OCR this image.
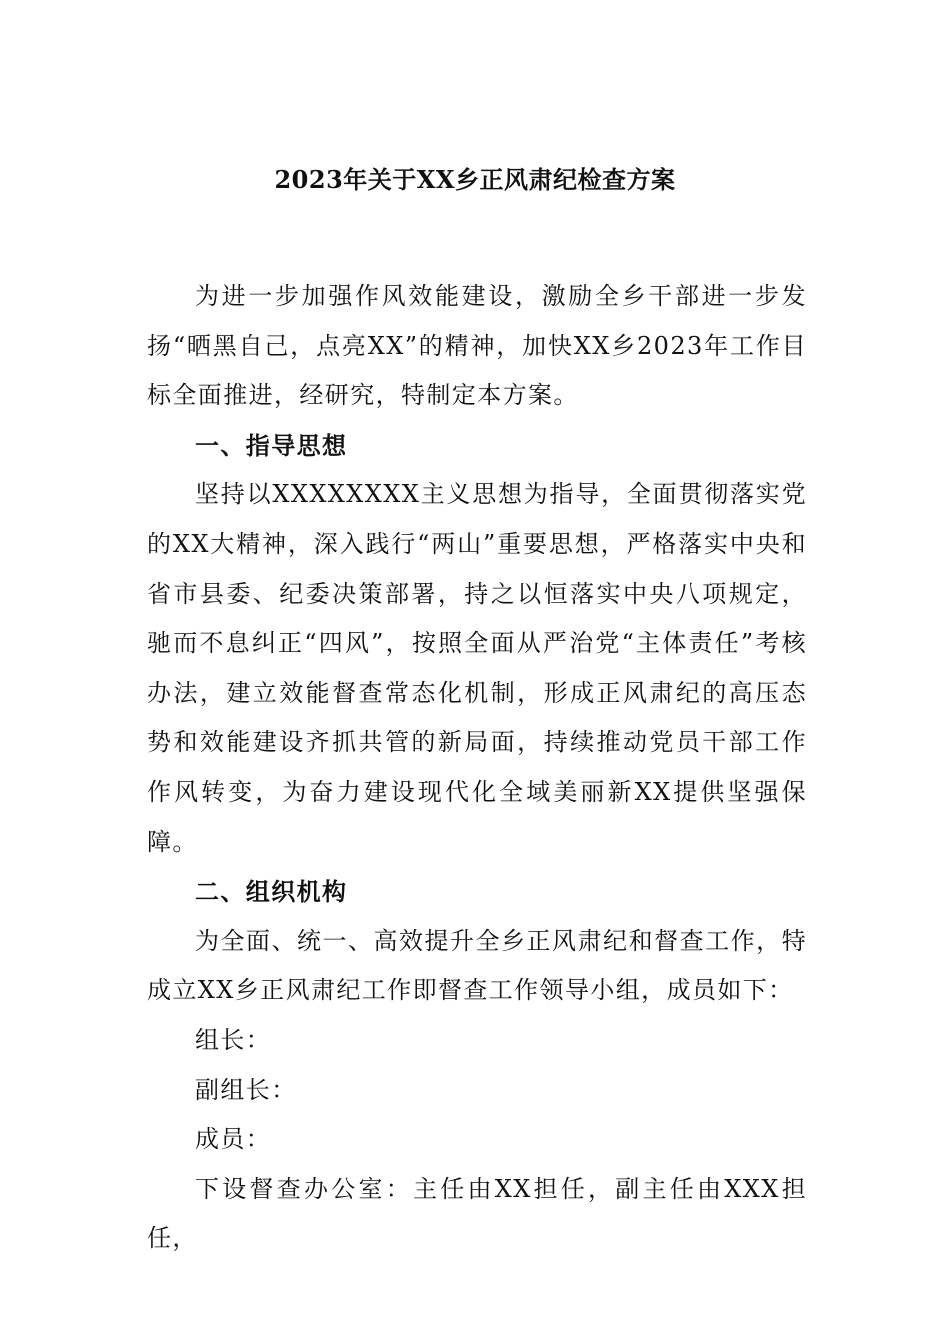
2023年关于XX乡正风肃纪检查方案

为进一步加强作风效能建设，激励全乡干部进一步发扬“晒黑自己，点亮XX”的精神，加快XX乡2023年工作目标全面推进，经研究，特制定本方案。

一、指导思想

坚持以XXXXXXXX主义思想为指导，全面贯彻落实党的XX大精神，深入践行“两山”重要思想，严格落实中央和省市县委、纪委决策部署，持之以恒落实中央八项规定，驰而不息纠正“四风”，按照全面从严治党“主体责任”考核办法，建立效能督查常态化机制，形成正风肃纪的高压态势和效能建设齐抓共管的新局面，持续推动党员干部工作作风转变，为奋力建设现代化全域美丽新XX提供坚强保障。

二、组织机构

为全面、统一、高效提升全乡正风肃纪和督查工作，特成立XX乡正风肃纪工作即督查工作领导小组，成员如下：

组长：

副组长：

成员：

下设督查办公室：主任由XX担任，副主任由XXX担任，
